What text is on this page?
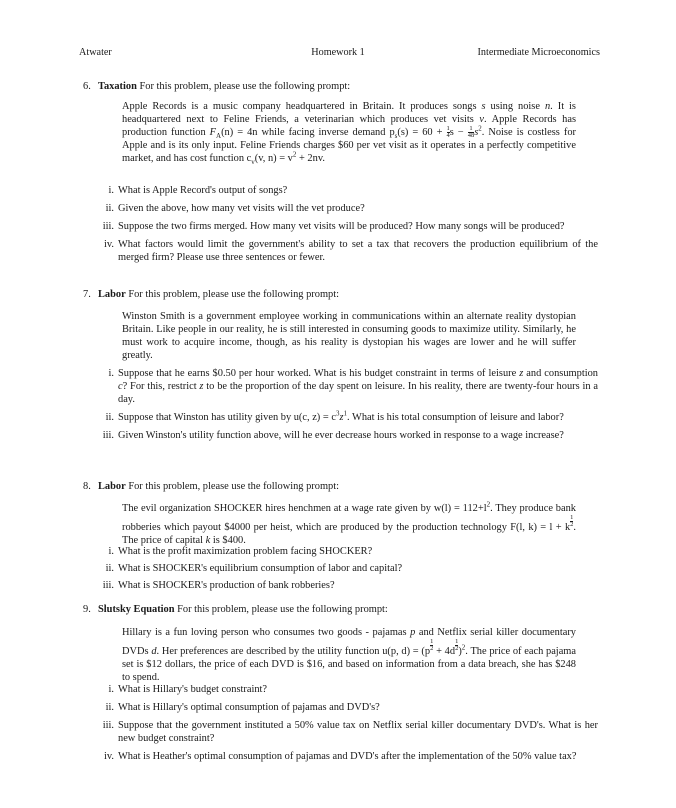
Atwater	Homework 1	Intermediate Microeconomics

6. Taxation For this problem, please use the following prompt:

Apple Records is a music company headquartered in Britain. It produces songs s using noise n. It is headquartered next to Feline Friends, a veterinarian which produces vet visits v. Apple Records has production function $F_A(n) = 4n$ while facing inverse demand $p_s(s) = 60 + \frac{1}{4}$ $s - \frac{1}{48} s^2$. Noise is costless for Apple and is its only input. Feline Friends charges $60 per vet visit as it operates in a perfectly competitive market, and has cost function $c_v(v$, $n) = v^2 + 2nv$.

i. What is Apple Record's output of songs?
ii. Given the above, how many vet visits will the vet produce?
iii. Suppose the two firms merged. How many vet visits will be produced? How many songs will be produced?
iv. What factors would limit the government's ability to set a tax that recovers the production equilibrium of the merged firm? Please use three sentences or fewer.

7. Labor For this problem, please use the following prompt:

Winston Smith is a government employee working in communications within an alternate reality dystopian Britain. Like people in our reality, he is still interested in consuming goods to maximize utility. Similarly, he must work to acquire income, though, as his reality is dystopian his wages are lower and he will suffer greatly.

i. Suppose that he earns $0.50 per hour worked. What is his budget constraint in terms of leisure z and consumption c? For this, restrict z to be the proportion of the day spent on leisure. In his reality, there are twenty-four hours in a day.
ii. Suppose that Winston has utility given by u(c, $z) = c^3z^1$. What is his total consumption of leisure and labor?
iii. Given Winston's utility function above, will he ever decrease hours worked in response to a wage increase?

8. Labor For this problem, please use the following prompt:

The evil organization SHOCKER hires henchmen at a wage rate given by $w(l) = 112+l^2$. They produce bank robberies which payout $4000 per heist, which are produced by the production technology F(l, k) = l + k $\frac{1}{2}$ . The price of capital k is $400.

i. What is the profit maximization problem facing SHOCKER?
ii. What is SHOCKER's equilibrium consumption of labor and capital?
iii. What is SHOCKER's production of bank robberies?

9. Slutsky Equation For this problem, please use the following prompt:

Hillary is a fun loving person who consumes two goods - pajamas p and Netflix serial killer documentary DVDs d. Her preferences are described by the utility function u(p, $d) = (p \frac{1}{2} + 4d \frac{1}{2} )^2$. The price of each pajama set is $12 dollars, the price of each DVD is $16, and based on information from a data breach, she has $248 to spend.

i. What is Hillary's budget constraint?
ii. What is Hillary's optimal consumption of pajamas and DVD's?
iii. Suppose that the government instituted a 50% value tax on Netflix serial killer documentary DVD's. What is her new budget constraint?
iv. What is Heather's optimal consumption of pajamas and DVD's after the implementation of the 50% value tax?
